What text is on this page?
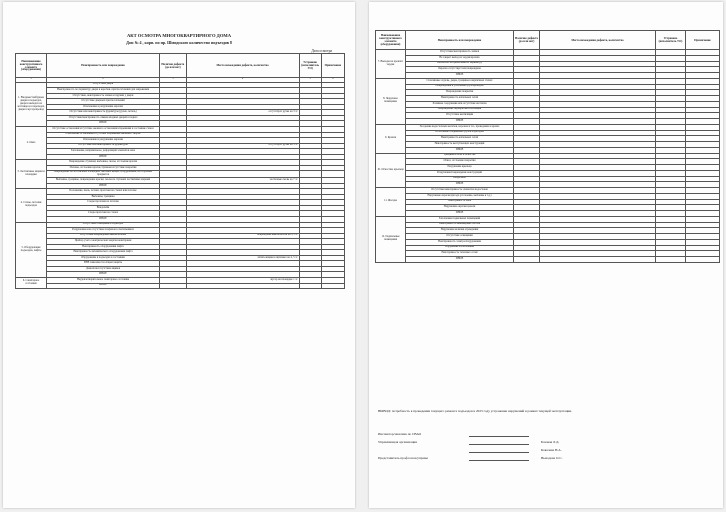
АКТ ОСМОТРА МНОГОКВАРТИРНОГО ДОМА
Дом № 4 , корп. по пр. Шмидского количество подъездов 8
Дата осмотра
Наименование конструктивного элемента (оборудования)	Неисправность или повреждение	Наличие дефекта (да или нет)	Место нахождения дефекта, количество	Устранено (исполнитель УО)	Примечание
1	2	3	4	5	6
1. Входные/тамбурные двери в подъездах, двери в выходах на лестнице и в переходах, двери в мусоропровод	Отсутствие двери				
	Неисправность по периметру двери и коробки, приспособлений для закрывания				
	Отсутствие, неисправность замков и пружин у двери				
	Отсутствие дверных приспособлений				
	Отклонение в разрушение окраски				
	Отсутствие или неисправность фурнитуры (ручек, петель)		отсутствует ручка на 3 эт		
	Отсутствие/неисправность замков входных дверей в подвал				
	ИНОЕ				
2. Окна	Отсутствие остекления/отсутствие оконного остекления/открывания и состояние стекол				
	Отклонение остекления/отсутствие открывания оконных створок				
	Отклонение и разрушение окраски				
	Отсутствие или неисправность фурнитуры		отсутствует ручка на 3 эт		
	Заполнение, неправильное, деформация элементов окна				
	ИНОЕ				
3. Лестничные марши и площадки	Повреждение ступеней, выбоины, сколы, отслоение краски				
	Изломы, отслоение краски, бумажек/отсутствие покрытия				
	Повреждение на лестничных площадках бытовых вещей, оборудования, посторонних предметов				
	Выбоины, трещины, повреждение краски, сколы на ступенях лестничных маршей		частичные сколы на 7 эт		
	ИНОЕ				
4. Стены, потолки подъездов	Положение, пыль, потеки, протечки на стенах или потолке				
	Выбоины, трещины				
	Следы протечки на потолке				
	Вандализм				
	Следы протечки на стенах				
	ИНОЕ				
5. Оборудование подъездов, лифты	Отсутствие освещения в подъездах				
	Разрушение или отсутствие плафонов в светильниках				
	Отсутствие/повреждение выключателей		повреждены выключатели на 1,3 эт		
	Прибор учета электрической энергии неисправен				
	Неисправность оборудования лифта				
	Неисправность механического оборудования лифта				
	Обрудование в подъездах в состоянии		забиты ящики в щитовых на 4, 5 эт		
	ВНЕ зависимости общей защиты				
	Демонтаж/отсутствие ящиков				
	ИНОЕ				
6. Санитарное состояние	Неудовлетворительное санитарное состояние		мусор на площадке 1 эт		
	ИНОЕ				
Наименование конструктивного элемента (оборудования)	Неисправность или повреждение	Наличие дефекта (да или нет)	Место нахождения дефекта, количество	Устранено (исполнитель УО)	Примечание
7. Выходы на кровлю/чердак	Отсутствие/неисправность замков				
	Не закрыт выход на чердак/кровлю				
	Неплотность прилегания по периметру				
	Окраска отсутствует или повреждена				
	ИНОЕ				
8. Чердачное помещение	Стеклянные отделы, дыры, трещины в кирпичных стенах				
	Повреждения и утепления трубопроводов				
	Повреждения покрытия				
	Неисправность кабельных сетей				
	Хламные сооружения или отсутствие настилов				
	Повреждение перекрытий и изоляции				
	Отсутствие вентиляции				
	ИНОЕ				
9. Кровля	Засорение водосточных желобов, воронок и т.п., проведение в кровле				
	Ослабление соединения трубой и фасадом				
	Неисправность кабельных сетей				
	Неисправность выступающих конструкций				
	ИНОЕ				
10. Отмостки, крыльца	Трещины в осях и отмостке				
	Обвал, отслоение покрытия				
	Разрушение крыльца				
	Разрушение/повреждение конструкций				
	Вандализм				
	ИНОЕ				
11. Фасады	Отсутствие/неисправность элементов водостоков				
	Нарушение окраски фасада (отслоение, выбоины и т.д.)				
	Неисправность окон				
	Нарушение окраски цоколя				
	ИНОЕ				
12. Подвальные помещения	Затопление подвальных помещений				
	Неисправность инженерных систем				
	Нарушение наличия ограждения				
	Отсутствие освещения				
	Неисправность электрооборудования				
	Обрушение и затопления				
	Неисправность тепловых сетей				
	ИНОЕ				
ВЫВОД: потребность в проведении текущего ремонта подъездов в 2023 году устранение нарушений в рамках текущей эксплуатации.
Инспектор/заказчик по СВАО
Управляющая организация	Базовая Л.Д.
Ковалева Н.А.
Представитель профсоюза/управы	Выходова О.С.
